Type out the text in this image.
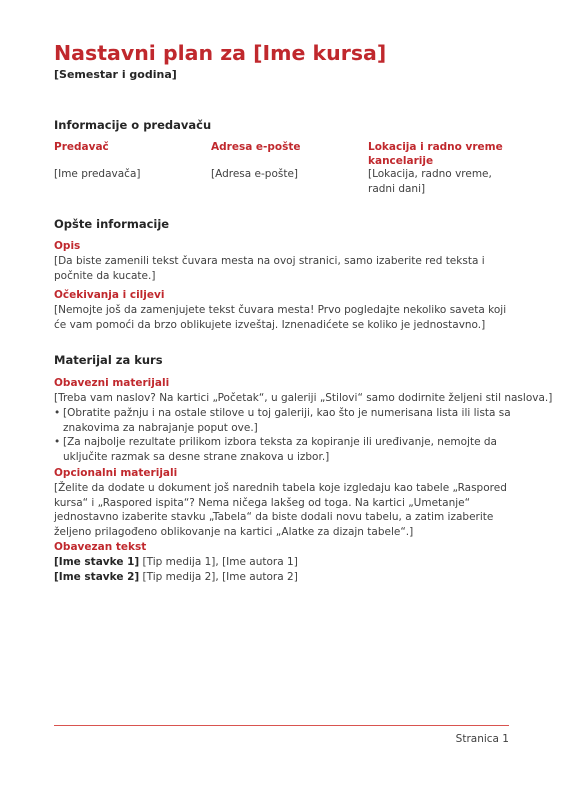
Nastavni plan za [Ime kursa]

[Semestar i godina]

Informacije o predavaču

Predavač	Adresa e-pošte	Lokacija i radno vreme kancelarije

[Ime predavača]	[Adresa e-pošte]	[Lokacija, radno vreme, radni dani]

Opšte informacije
Opis

[Da biste zamenili tekst čuvara mesta na ovoj stranici, samo izaberite red teksta i počnite da kucate.]

Očekivanja i ciljevi

[Nemojte još da zamenjujete tekst čuvara mesta! Prvo pogledajte nekoliko saveta koji će vam pomoći da brzo oblikujete izveštaj. Iznenadićete se koliko je jednostavno.]

Materijal za kurs
Obavezni materijali

[Treba vam naslov? Na kartici „Početak“, u galeriji „Stilovi“ samo dodirnite željeni stil naslova.]

• [Obratite pažnju i na ostale stilove u toj galeriji, kao što je numerisana lista ili lista sa znakovima za nabrajanje poput ove.]
• [Za najbolje rezultate prilikom izbora teksta za kopiranje ili uređivanje, nemojte da uključite razmak sa desne strane znakova u izbor.]
Opcionalni materijali

[Želite da dodate u dokument još narednih tabela koje izgledaju kao tabele „Raspored kursa“ i „Raspored ispita“? Nema ničega lakšeg od toga. Na kartici „Umetanje“ jednostavno izaberite stavku „Tabela“ da biste dodali novu tabelu, a zatim izaberite željeno prilagođeno oblikovanje na kartici „Alatke za dizajn tabele“.]

Obavezan tekst

[Ime stavke 1] [Tip medija 1], [Ime autora 1]

[Ime stavke 2] [Tip medija 2], [Ime autora 2]

Stranica 1
